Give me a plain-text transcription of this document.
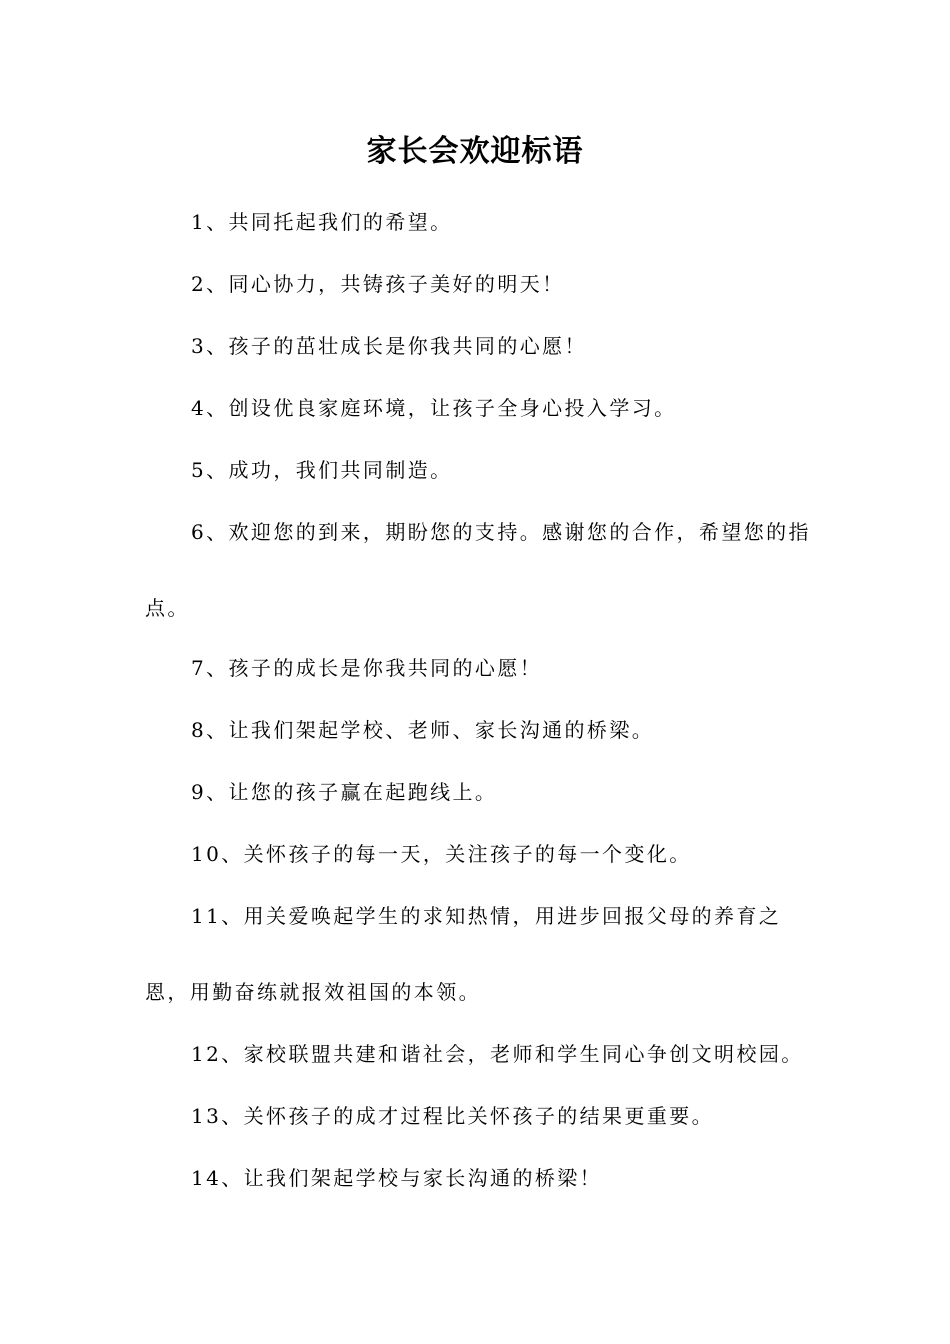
家长会欢迎标语

1、共同托起我们的希望。

2、同心协力，共铸孩子美好的明天！

3、孩子的茁壮成长是你我共同的心愿！

4、创设优良家庭环境，让孩子全身心投入学习。

5、成功，我们共同制造。

6、欢迎您的到来，期盼您的支持。感谢您的合作，希望您的指点。

7、孩子的成长是你我共同的心愿！

8、让我们架起学校、老师、家长沟通的桥梁。

9、让您的孩子赢在起跑线上。

10、关怀孩子的每一天，关注孩子的每一个变化。

11、用关爱唤起学生的求知热情，用进步回报父母的养育之恩，用勤奋练就报效祖国的本领。

12、家校联盟共建和谐社会，老师和学生同心争创文明校园。

13、关怀孩子的成才过程比关怀孩子的结果更重要。

14、让我们架起学校与家长沟通的桥梁！
